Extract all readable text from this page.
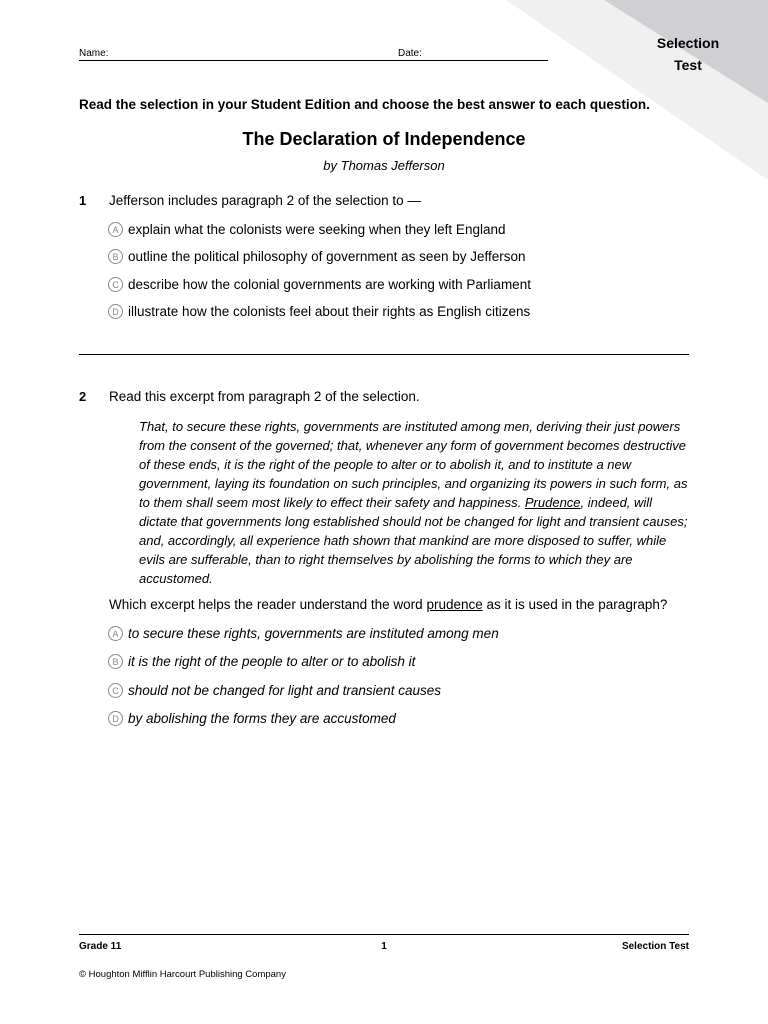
Selection
Test
Name:	Date:
Read the selection in your Student Edition and choose the best answer to each question.
The Declaration of Independence
by Thomas Jefferson
1 Jefferson includes paragraph 2 of the selection to —
A explain what the colonists were seeking when they left England
B outline the political philosophy of government as seen by Jefferson
C describe how the colonial governments are working with Parliament
D illustrate how the colonists feel about their rights as English citizens
2 Read this excerpt from paragraph 2 of the selection.
That, to secure these rights, governments are instituted among men, deriving their just powers from the consent of the governed; that, whenever any form of government becomes destructive of these ends, it is the right of the people to alter or to abolish it, and to institute a new government, laying its foundation on such principles, and organizing its powers in such form, as to them shall seem most likely to effect their safety and happiness. Prudence, indeed, will dictate that governments long established should not be changed for light and transient causes; and, accordingly, all experience hath shown that mankind are more disposed to suffer, while evils are sufferable, than to right themselves by abolishing the forms to which they are accustomed.
Which excerpt helps the reader understand the word prudence as it is used in the paragraph?
A to secure these rights, governments are instituted among men
B it is the right of the people to alter or to abolish it
C should not be changed for light and transient causes
D by abolishing the forms they are accustomed
Grade 11	1	Selection Test
© Houghton Mifflin Harcourt Publishing Company
